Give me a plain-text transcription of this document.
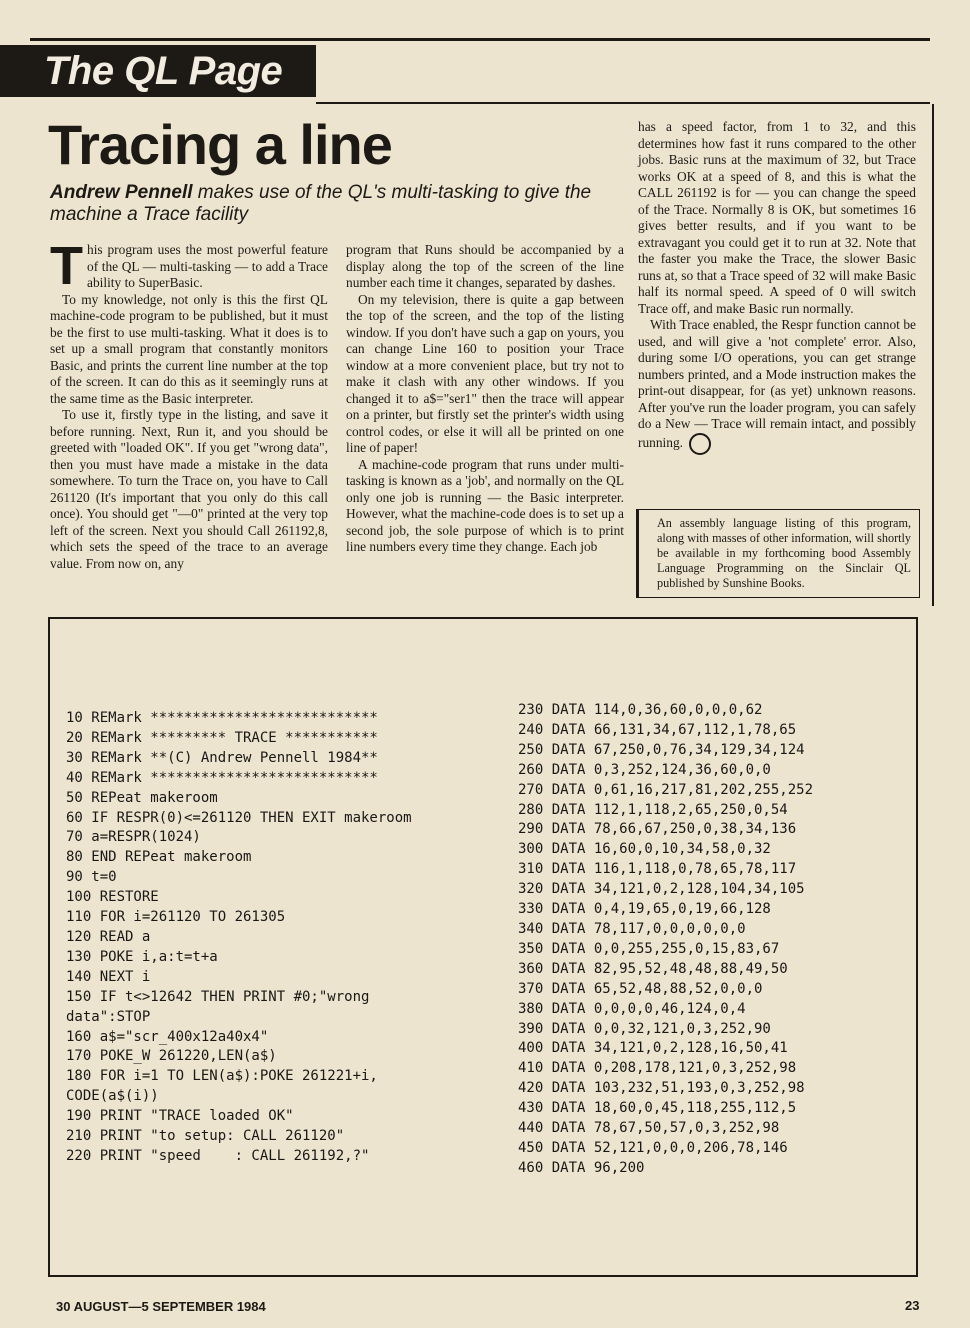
The QL Page
Tracing a line
Andrew Pennell makes use of the QL's multi-tasking to give the machine a Trace facility

This program uses the most powerful feature of the QL — multi-tasking — to add a Trace ability to SuperBasic.

To my knowledge, not only is this the first QL machine-code program to be published, but it must be the first to use multi-tasking. What it does is to set up a small program that constantly monitors Basic, and prints the current line number at the top of the screen. It can do this as it seemingly runs at the same time as the Basic interpreter.

To use it, firstly type in the listing, and save it before running. Next, Run it, and you should be greeted with "loaded OK". If you get "wrong data", then you must have made a mistake in the data somewhere. To turn the Trace on, you have to Call 261120 (It's important that you only do this call once). You should get "—0" printed at the very top left of the screen. Next you should Call 261192,8, which sets the speed of the trace to an average value. From now on, any

program that Runs should be accompanied by a display along the top of the screen of the line number each time it changes, separated by dashes.

On my television, there is quite a gap between the top of the screen, and the top of the listing window. If you don't have such a gap on yours, you can change Line 160 to position your Trace window at a more convenient place, but try not to make it clash with any other windows. If you changed it to a$="ser1" then the trace will appear on a printer, but firstly set the printer's width using control codes, or else it will all be printed on one line of paper!

A machine-code program that runs under multi-tasking is known as a 'job', and normally on the QL only one job is running — the Basic interpreter. However, what the machine-code does is to set up a second job, the sole purpose of which is to print line numbers every time they change. Each job

has a speed factor, from 1 to 32, and this determines how fast it runs compared to the other jobs. Basic runs at the maximum of 32, but Trace works OK at a speed of 8, and this is what the CALL 261192 is for — you can change the speed of the Trace. Normally 8 is OK, but sometimes 16 gives better results, and if you want to be extravagant you could get it to run at 32. Note that the faster you make the Trace, the slower Basic runs at, so that a Trace speed of 32 will make Basic half its normal speed. A speed of 0 will switch Trace off, and make Basic run normally.

With Trace enabled, the Respr function cannot be used, and will give a 'not complete' error. Also, during some I/O operations, you can get strange numbers printed, and a Mode instruction makes the print-out disappear, for (as yet) unknown reasons. After you've run the loader program, you can safely do a New — Trace will remain intact, and possibly running.

An assembly language listing of this program, along with masses of other information, will shortly be available in my forthcoming bood Assembly Language Programming on the Sinclair QL published by Sunshine Books.
10 REMark ***************************
20 REMark ********* TRACE ***********
30 REMark **(C) Andrew Pennell 1984**
40 REMark ***************************
50 REPeat makeroom
60 IF RESPR(0)<=261120 THEN EXIT makeroom
70 a=RESPR(1024)
80 END REPeat makeroom
90 t=0
100 RESTORE
110 FOR i=261120 TO 261305
120 READ a
130 POKE i,a:t=t+a
140 NEXT i
150 IF t<>12642 THEN PRINT #0;"wrong
data":STOP
160 a$="scr_400x12a40x4"
170 POKE_W 261220,LEN(a$)
180 FOR i=1 TO LEN(a$):POKE 261221+i,
CODE(a$(i))
190 PRINT "TRACE loaded OK"
210 PRINT "to setup: CALL 261120"
220 PRINT "speed    : CALL 261192,?"
230 DATA 114,0,36,60,0,0,0,62
240 DATA 66,131,34,67,112,1,78,65
250 DATA 67,250,0,76,34,129,34,124
260 DATA 0,3,252,124,36,60,0,0
270 DATA 0,61,16,217,81,202,255,252
280 DATA 112,1,118,2,65,250,0,54
290 DATA 78,66,67,250,0,38,34,136
300 DATA 16,60,0,10,34,58,0,32
310 DATA 116,1,118,0,78,65,78,117
320 DATA 34,121,0,2,128,104,34,105
330 DATA 0,4,19,65,0,19,66,128
340 DATA 78,117,0,0,0,0,0,0
350 DATA 0,0,255,255,0,15,83,67
360 DATA 82,95,52,48,48,88,49,50
370 DATA 65,52,48,88,52,0,0,0
380 DATA 0,0,0,0,46,124,0,4
390 DATA 0,0,32,121,0,3,252,90
400 DATA 34,121,0,2,128,16,50,41
410 DATA 0,208,178,121,0,3,252,98
420 DATA 103,232,51,193,0,3,252,98
430 DATA 18,60,0,45,118,255,112,5
440 DATA 78,67,50,57,0,3,252,98
450 DATA 52,121,0,0,0,206,78,146
460 DATA 96,200
30 AUGUST—5 SEPTEMBER 1984	23
